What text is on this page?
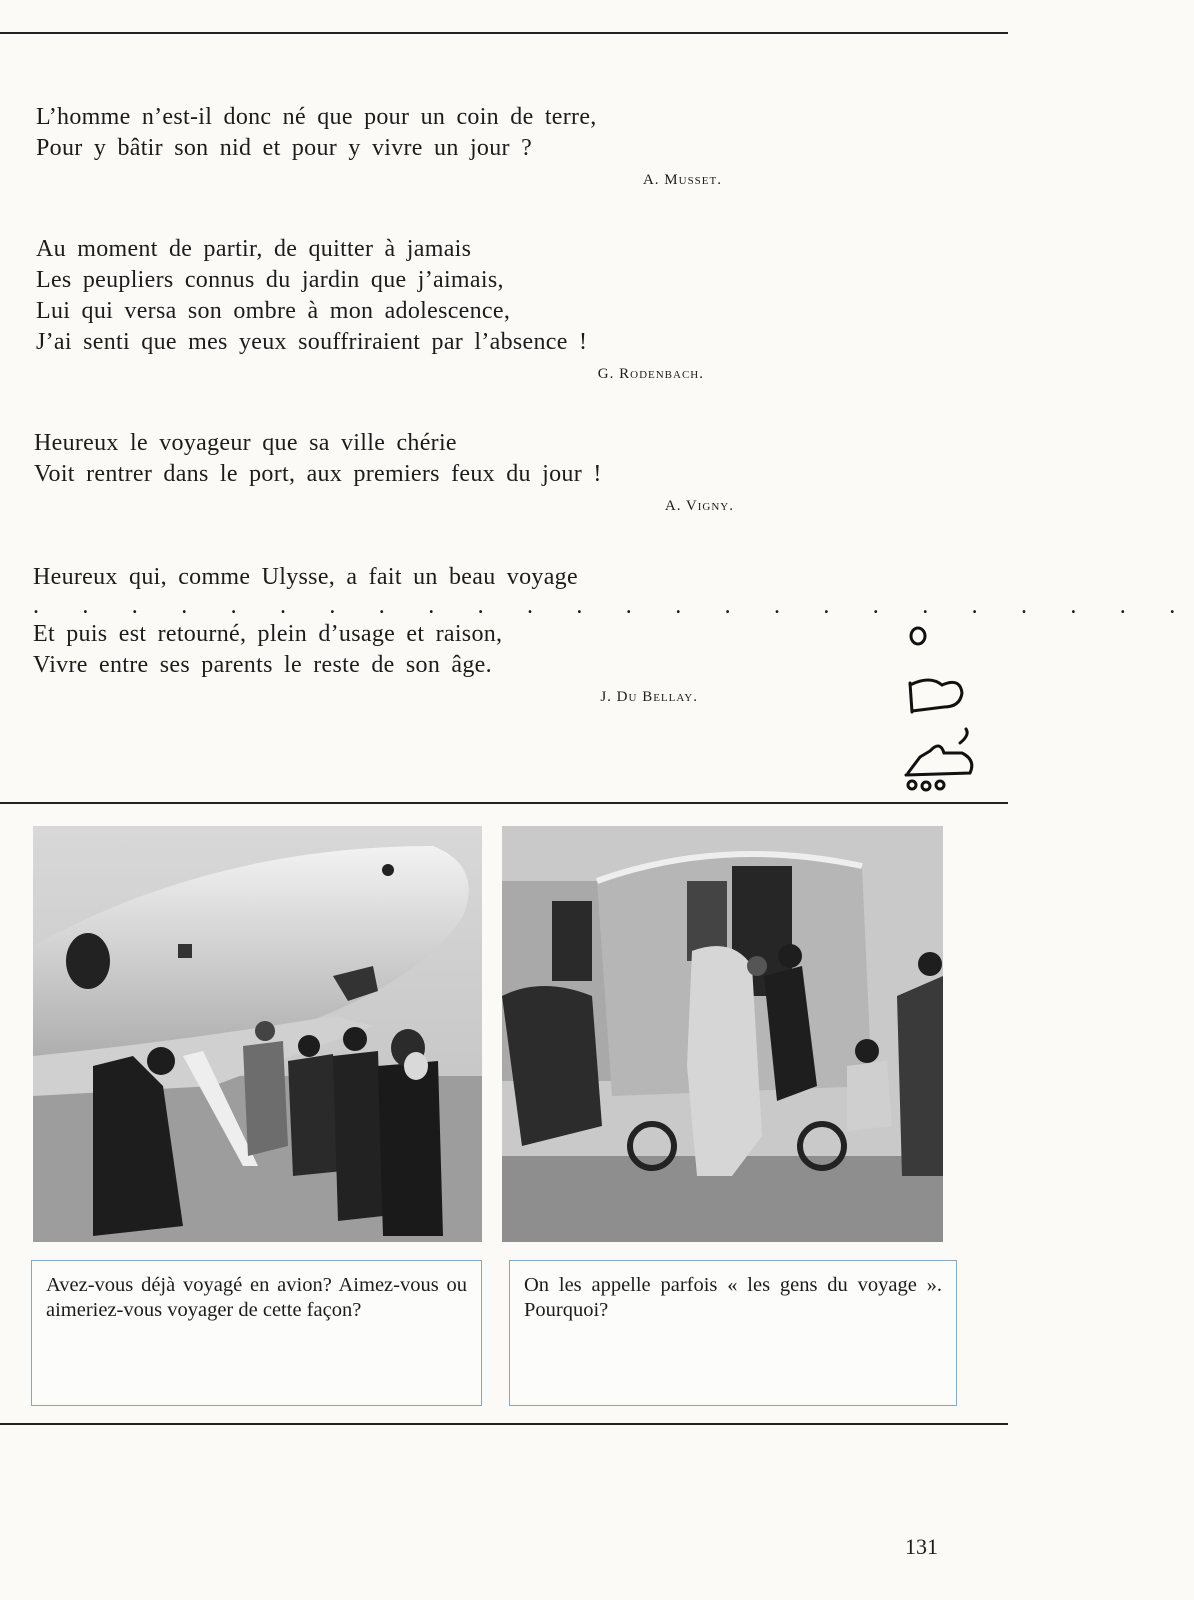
L’homme n’est-il donc né que pour un coin de terre,
Pour y bâtir son nid et pour y vivre un jour ?
A. Musset.
Au moment de partir, de quitter à jamais
Les peupliers connus du jardin que j’aimais,
Lui qui versa son ombre à mon adolescence,
J’ai senti que mes yeux souffriraient par l’absence !
G. Rodenbach.
Heureux le voyageur que sa ville chérie
Voit rentrer dans le port, aux premiers feux du jour !
A. Vigny.
Heureux qui, comme Ulysse, a fait un beau voyage
. . . . . . . . . . . . . . . . . . . . . . . .
Et puis est retourné, plein d’usage et raison,
Vivre entre ses parents le reste de son âge.
J. Du Bellay.
Avez-vous déjà voyagé en avion? Aimez-vous ou aimeriez-vous voyager de cette façon?
On les appelle parfois « les gens du voyage ». Pourquoi?
131
